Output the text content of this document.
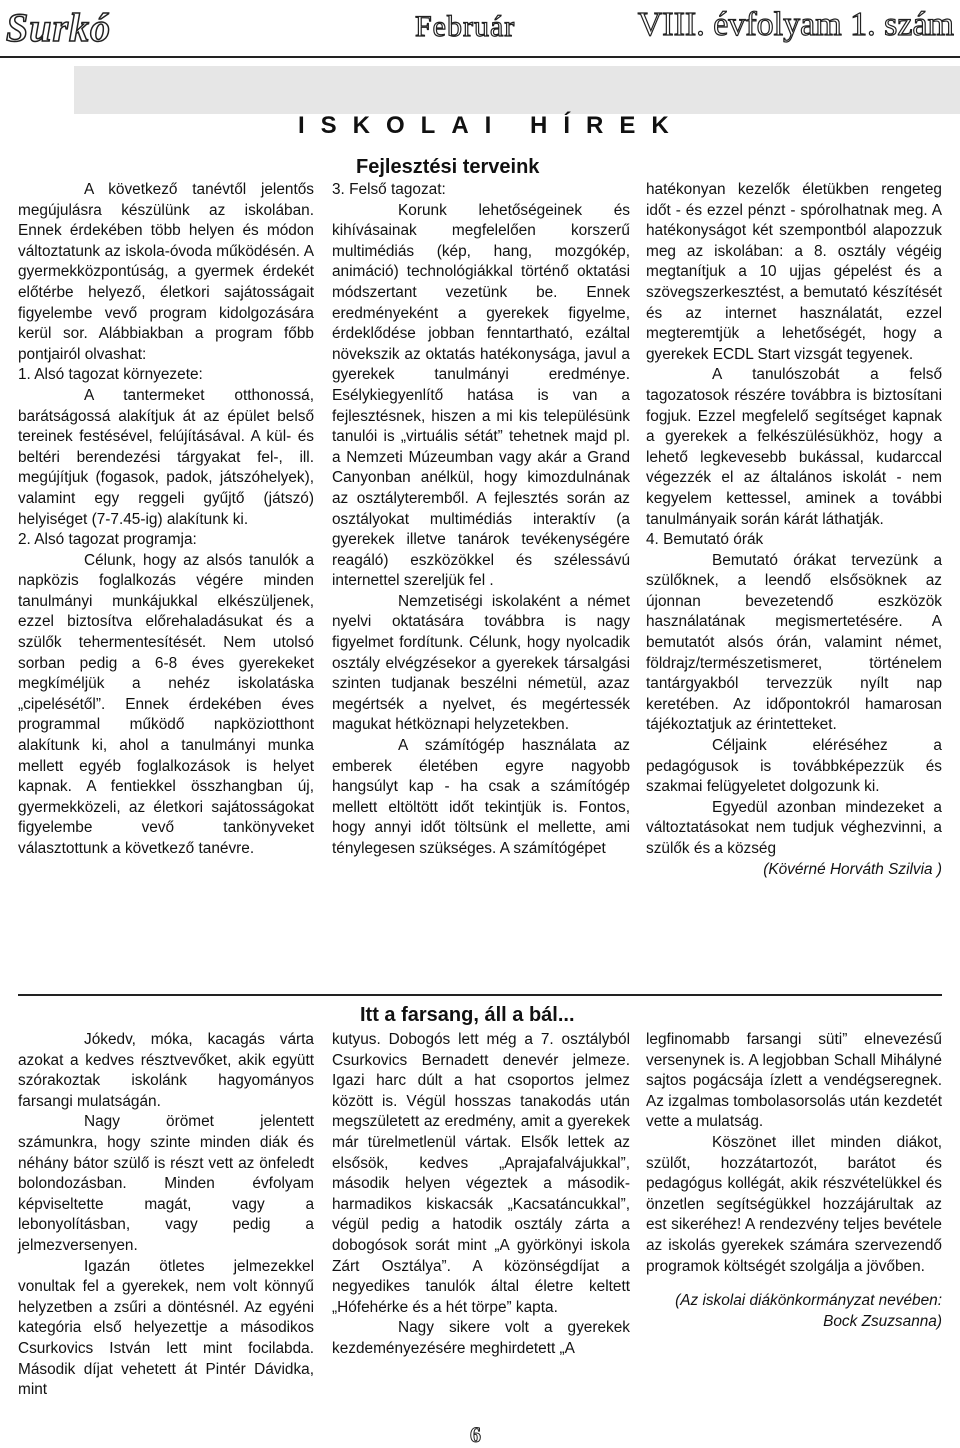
Surkó	Február	VIII. évfolyam 1. szám
ISKOLAI HÍREK
Fejlesztési terveink

A következő tanévtől jelentős megújulásra készülünk az iskolában. Ennek érdekében több helyen és módon változtatunk az iskola-óvoda működésén. A gyermekközpontúság, a gyermek érdekét előtérbe helyező, életkori sajátosságait figyelembe vevő program kidolgozására kerül sor. Alábbiakban a program főbb pontjairól olvashat:

1. Alsó tagozat környezete:

A tantermeket otthonossá, barátságossá alakítjuk át az épület belső tereinek festésével, felújításával. A kül- és beltéri berendezési tárgyakat fel-, ill. megújítjuk (fogasok, padok, játszóhelyek), valamint egy reggeli gyűjtő (játszó) helyiséget (7-7.45-ig) alakítunk ki.

2. Alsó tagozat programja:

Célunk, hogy az alsós tanulók a napközis foglalkozás végére minden tanulmányi munkájukkal elkészüljenek, ezzel biztosítva előrehaladásukat és a szülők tehermentesítését. Nem utolsó sorban pedig a 6-8 éves gyerekeket megkíméljük a nehéz iskolatáska „cipelésétől”. Ennek érdekében éves programmal működő napköziotthont alakítunk ki, ahol a tanulmányi munka mellett egyéb foglalkozások is helyet kapnak. A fentiekkel összhangban új, gyermekközeli, az életkori sajátosságokat figyelembe vevő tankönyveket választottunk a következő tanévre.

3. Felső tagozat:

Korunk lehetőségeinek és kihívásainak megfelelően korszerű multimédiás (kép, hang, mozgókép, animáció) technológiákkal történő oktatási módszertant vezetünk be. Ennek eredményeként a gyerekek figyelme, érdeklődése jobban fenntartható, ezáltal növekszik az oktatás hatékonysága, javul a gyerekek tanulmányi eredménye. Esélykiegyenlítő hatása is van a fejlesztésnek, hiszen a mi kis településünk tanulói is „virtuális sétát” tehetnek majd pl. a Nemzeti Múzeumban vagy akár a Grand Canyonban anélkül, hogy kimozdulnának az osztályteremből. A fejlesztés során az osztályokat multimédiás interaktív (a gyerekek illetve tanárok tevékenységére reagáló) eszközökkel és szélessávú internettel szereljük fel .

Nemzetiségi iskolaként a német nyelvi oktatására továbbra is nagy figyelmet fordítunk. Célunk, hogy nyolcadik osztály elvégzésekor a gyerekek társalgási szinten tudjanak beszélni németül, azaz megértsék a nyelvet, és megértessék magukat hétköznapi helyzetekben.

A számítógép használata az emberek életében egyre nagyobb hangsúlyt kap - ha csak a számítógép mellett eltöltött időt tekintjük is. Fontos, hogy annyi időt töltsünk el mellette, ami ténylegesen szükséges. A számítógépet

hatékonyan kezelők életükben rengeteg időt - és ezzel pénzt - spórolhatnak meg. A hatékonyságot két szempontból alapozzuk meg az iskolában: a 8. osztály végéig megtanítjuk a 10 ujjas gépelést és a szövegszerkesztést, a bemutató készítését és az internet használatát, ezzel megteremtjük a lehetőségét, hogy a gyerekek ECDL Start vizsgát tegyenek.

A tanulószobát a felső tagozatosok részére továbbra is biztosítani fogjuk. Ezzel megfelelő segítséget kapnak a gyerekek a felkészülésükhöz, hogy a lehető legkevesebb bukással, kudarccal végezzék el az általános iskolát - nem kegyelem kettessel, aminek a további tanulmányaik során kárát láthatják.

4. Bemutató órák

Bemutató órákat tervezünk a szülőknek, a leendő elsősöknek az újonnan bevezetendő eszközök használatának megismertetésére. A bemutatót alsós órán, valamint német, földrajz/természetismeret, történelem tantárgyakból tervezzük nyílt nap keretében. Az időpontokról hamarosan tájékoztatjuk az érintetteket.

Céljaink eléréséhez a pedagógusok is továbbképezzük és szakmai felügyeletet dolgozunk ki.

Egyedül azonban mindezeket a változtatásokat nem tudjuk véghezvinni, a szülők és a község

(Kövérné Horváth Szilvia )

Itt a farsang, áll a bál...

Jókedv, móka, kacagás várta azokat a kedves résztvevőket, akik együtt szórakoztak iskolánk hagyományos farsangi mulatságán.

Nagy örömet jelentett számunkra, hogy szinte minden diák és néhány bátor szülő is részt vett az önfeledt bolondozásban. Minden évfolyam képviseltette magát, vagy a lebonyolításban, vagy pedig a jelmezversenyen.

Igazán ötletes jelmezekkel vonultak fel a gyerekek, nem volt könnyű helyzetben a zsűri a döntésnél. Az egyéni kategória első helyezettje a másodikos Csurkovics István lett mint focilabda. Második díjat vehetett át Pintér Dávidka, mint

kutyus. Dobogós lett még a 7. osztályból Csurkovics Bernadett denevér jelmeze. Igazi harc dúlt a hat csoportos jelmez között is. Végül hosszas tanakodás után megszületett az eredmény, amit a gyerekek már türelmetlenül vártak. Elsők lettek az elsősök, kedves „Aprajafalvájukkal”, második helyen végeztek a második-harmadikos kiskacsák „Kacsatáncukkal”, végül pedig a hatodik osztály zárta a dobogósok sorát mint „A györkönyi iskola Zárt Osztálya”. A közönségdíjat a negyedikes tanulók által életre keltett „Hófehérke és a hét törpe” kapta.

Nagy sikere volt a gyerekek kezdeményezésére meghirdetett „A

legfinomabb farsangi süti” elnevezésű versenynek is. A legjobban Schall Mihályné sajtos pogácsája ízlett a vendégseregnek. Az izgalmas tombolasorsolás után kezdetét vette a mulatság.

Köszönet illet minden diákot, szülőt, hozzátartozót, barátot és pedagógus kollégát, akik részvételükkel és önzetlen segítségükkel hozzájárultak az est sikeréhez! A rendezvény teljes bevétele az iskolás gyerekek számára szervezendő programok költségét szolgálja a jövőben.

(Az iskolai diákönkormányzat nevében: Bock Zsuzsanna)

6
